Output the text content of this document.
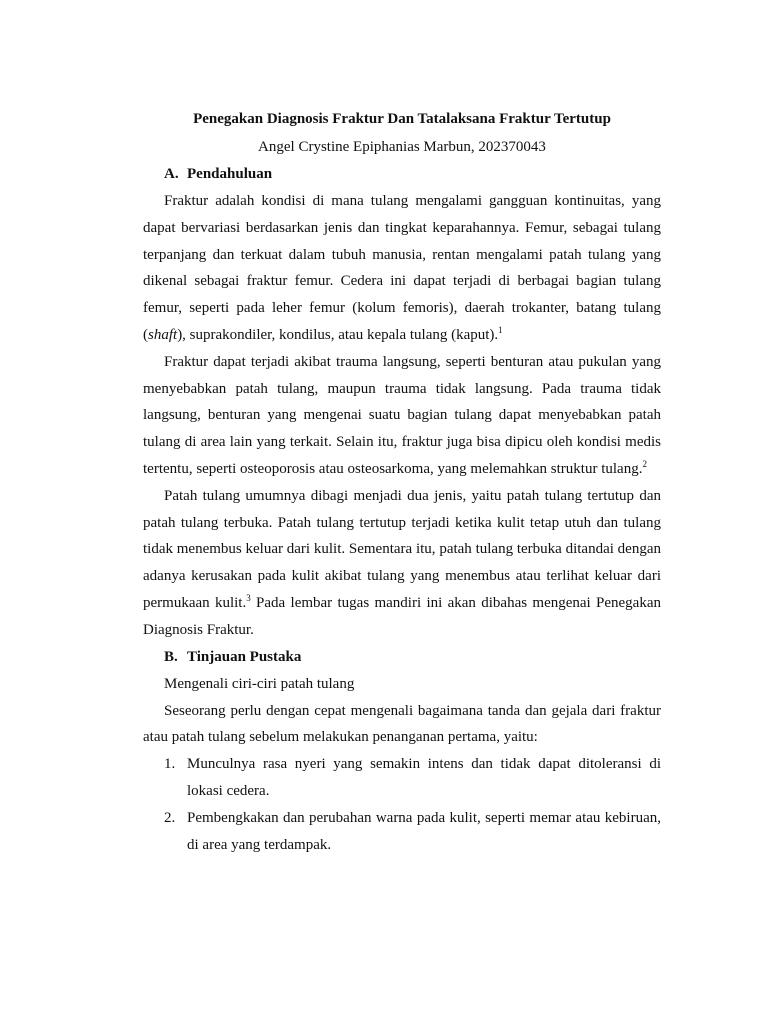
Penegakan Diagnosis Fraktur Dan Tatalaksana Fraktur Tertutup
Angel Crystine Epiphanias Marbun, 202370043
A. Pendahuluan

Fraktur adalah kondisi di mana tulang mengalami gangguan kontinuitas, yang dapat bervariasi berdasarkan jenis dan tingkat keparahannya. Femur, sebagai tulang terpanjang dan terkuat dalam tubuh manusia, rentan mengalami patah tulang yang dikenal sebagai fraktur femur. Cedera ini dapat terjadi di berbagai bagian tulang femur, seperti pada leher femur (kolum femoris), daerah trokanter, batang tulang (shaft), suprakondiler, kondilus, atau kepala tulang (kaput).$^1$

Fraktur dapat terjadi akibat trauma langsung, seperti benturan atau pukulan yang menyebabkan patah tulang, maupun trauma tidak langsung. Pada trauma tidak langsung, benturan yang mengenai suatu bagian tulang dapat menyebabkan patah tulang di area lain yang terkait. Selain itu, fraktur juga bisa dipicu oleh kondisi medis tertentu, seperti osteoporosis atau osteosarkoma, yang melemahkan struktur tulang.$^2$

Patah tulang umumnya dibagi menjadi dua jenis, yaitu patah tulang tertutup dan patah tulang terbuka. Patah tulang tertutup terjadi ketika kulit tetap utuh dan tulang tidak menembus keluar dari kulit. Sementara itu, patah tulang terbuka ditandai dengan adanya kerusakan pada kulit akibat tulang yang menembus atau terlihat keluar dari permukaan kulit.$^3$ Pada lembar tugas mandiri ini akan dibahas mengenai Penegakan Diagnosis Fraktur.

B. Tinjauan Pustaka

Mengenali ciri-ciri patah tulang

Seseorang perlu dengan cepat mengenali bagaimana tanda dan gejala dari fraktur atau patah tulang sebelum melakukan penanganan pertama, yaitu:

1. Munculnya rasa nyeri yang semakin intens dan tidak dapat ditoleransi di lokasi cedera.
2. Pembengkakan dan perubahan warna pada kulit, seperti memar atau kebiruan, di area yang terdampak.
